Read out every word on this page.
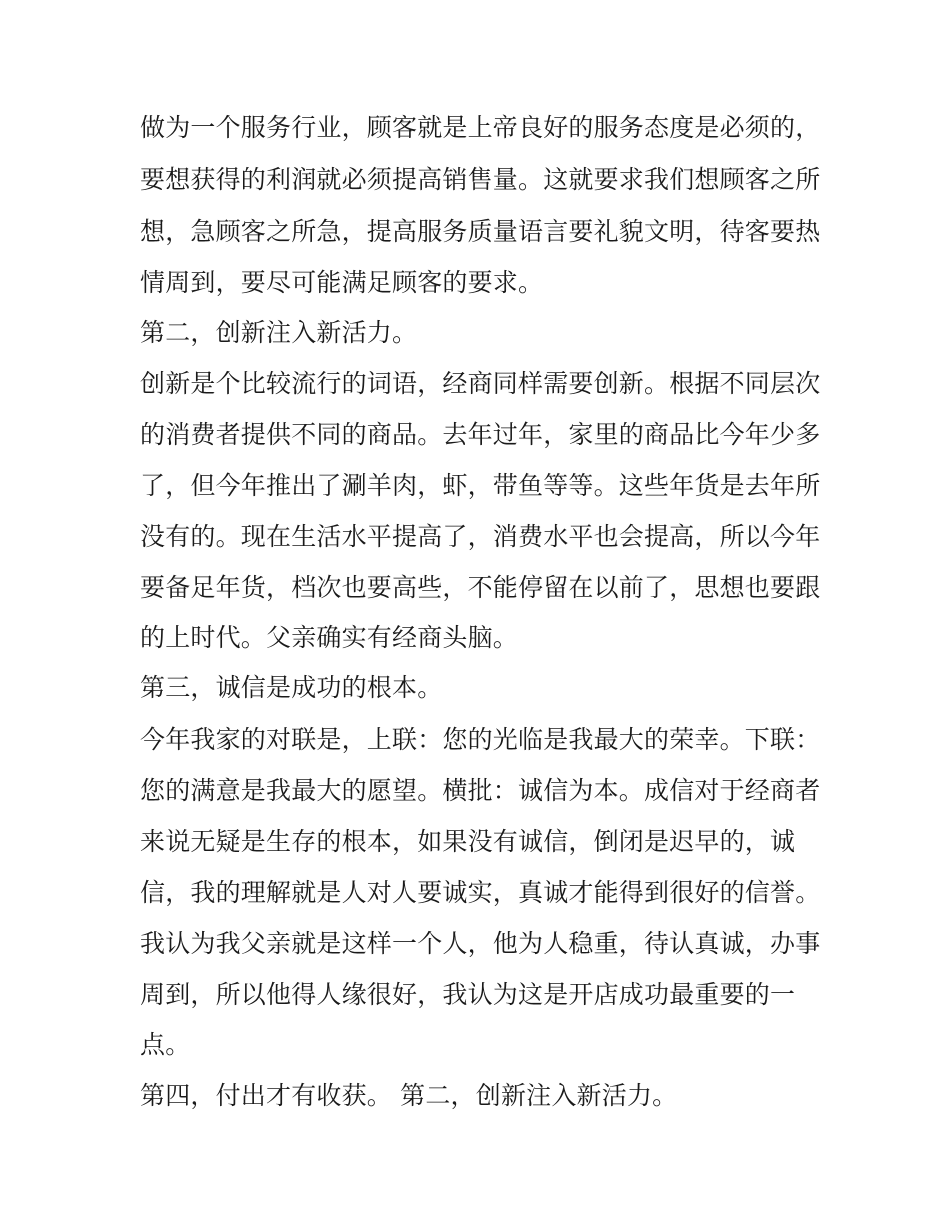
做为一个服务行业，顾客就是上帝良好的服务态度是必须的，
要想获得的利润就必须提高销售量。这就要求我们想顾客之所
想，急顾客之所急，提高服务质量语言要礼貌文明，待客要热
情周到，要尽可能满足顾客的要求。
第二，创新注入新活力。
创新是个比较流行的词语，经商同样需要创新。根据不同层次
的消费者提供不同的商品。去年过年，家里的商品比今年少多
了，但今年推出了涮羊肉，虾，带鱼等等。这些年货是去年所
没有的。现在生活水平提高了，消费水平也会提高，所以今年
要备足年货，档次也要高些，不能停留在以前了，思想也要跟
的上时代。父亲确实有经商头脑。
第三，诚信是成功的根本。
今年我家的对联是，上联：您的光临是我最大的荣幸。下联：
您的满意是我最大的愿望。横批：诚信为本。成信对于经商者
来说无疑是生存的根本，如果没有诚信，倒闭是迟早的，诚
信，我的理解就是人对人要诚实，真诚才能得到很好的信誉。
我认为我父亲就是这样一个人，他为人稳重，待认真诚，办事
周到，所以他得人缘很好，我认为这是开店成功最重要的一
点。
第四，付出才有收获。 第二，创新注入新活力。
